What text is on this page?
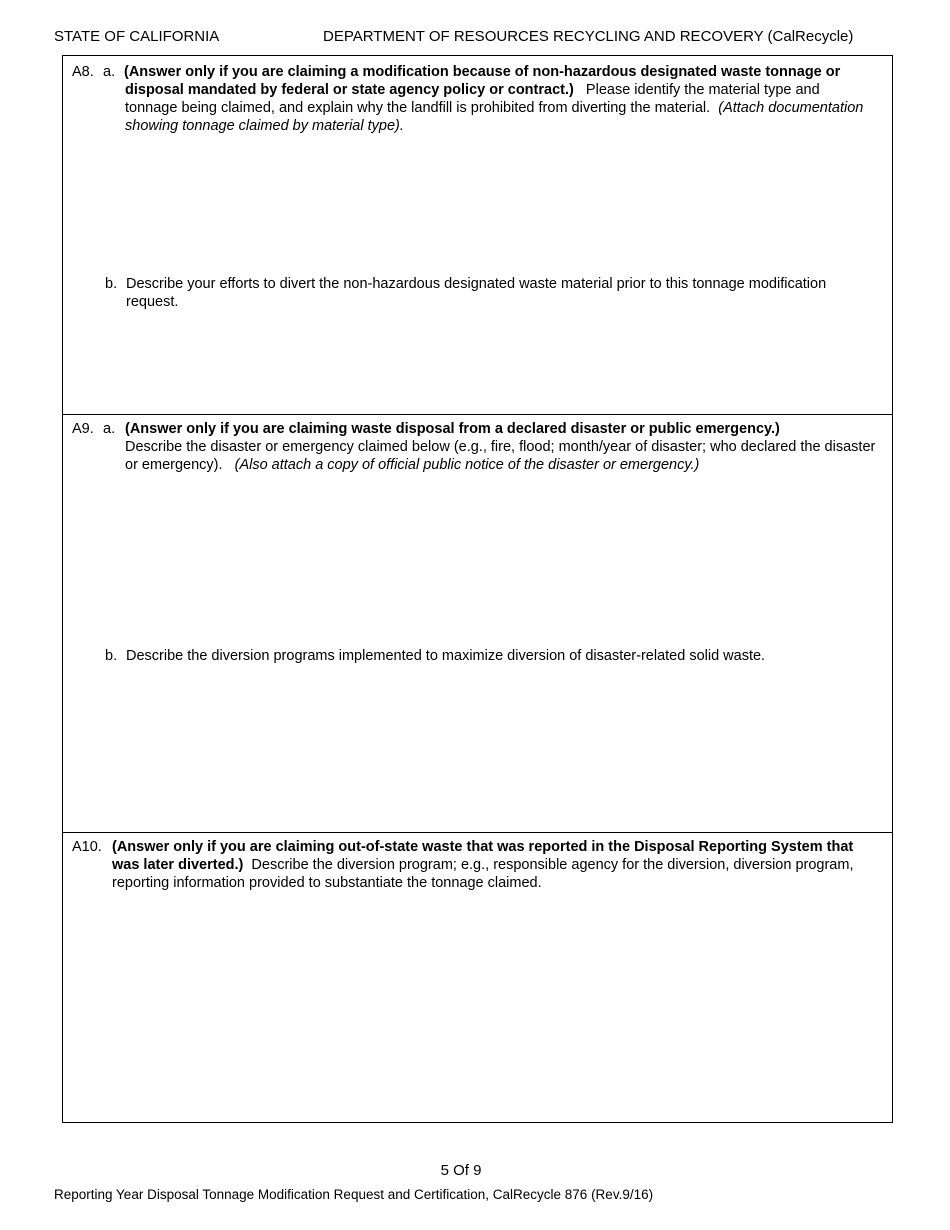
STATE OF CALIFORNIA	DEPARTMENT OF RESOURCES RECYCLING AND RECOVERY (CalRecycle)
A8. a. (Answer only if you are claiming a modification because of non-hazardous designated waste tonnage or disposal mandated by federal or state agency policy or contract.) Please identify the material type and tonnage being claimed, and explain why the landfill is prohibited from diverting the material. (Attach documentation showing tonnage claimed by material type).
b. Describe your efforts to divert the non-hazardous designated waste material prior to this tonnage modification request.
A9. a. (Answer only if you are claiming waste disposal from a declared disaster or public emergency.)
Describe the disaster or emergency claimed below (e.g., fire, flood; month/year of disaster; who declared the disaster or emergency). (Also attach a copy of official public notice of the disaster or emergency.)
b. Describe the diversion programs implemented to maximize diversion of disaster-related solid waste.
A10. (Answer only if you are claiming out-of-state waste that was reported in the Disposal Reporting System that was later diverted.) Describe the diversion program; e.g., responsible agency for the diversion, diversion program, reporting information provided to substantiate the tonnage claimed.
5 Of 9
Reporting Year Disposal Tonnage Modification Request and Certification, CalRecycle 876 (Rev.9/16)
